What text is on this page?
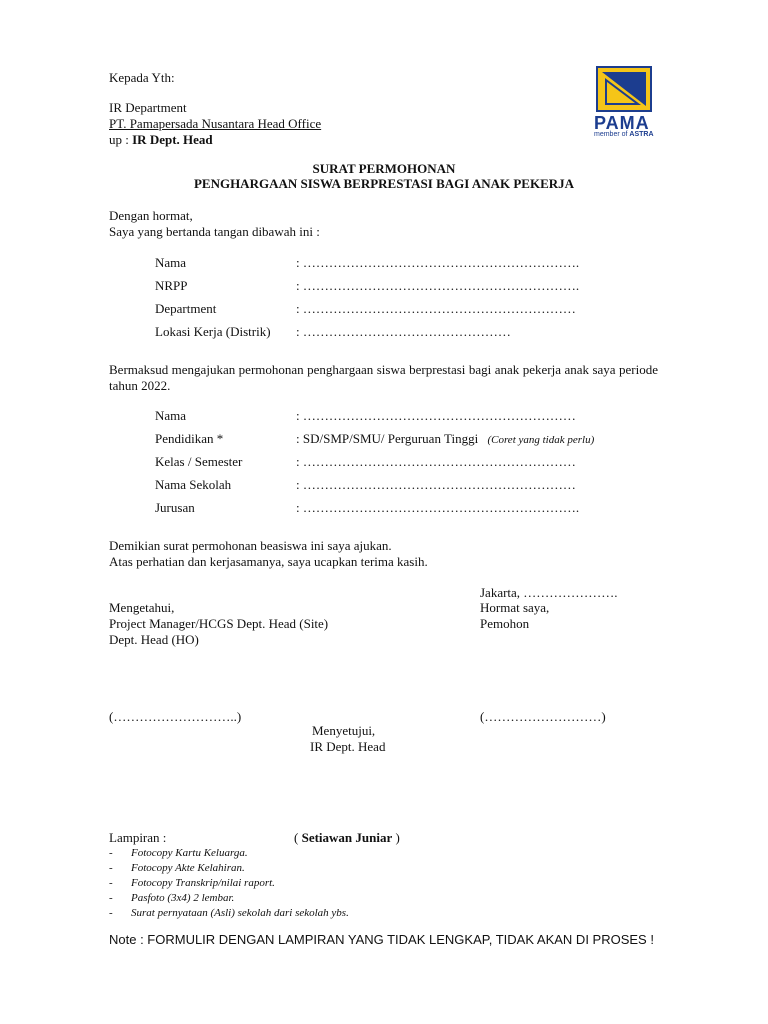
Kepada Yth:
IR Department
PT. Pamapersada Nusantara Head Office
up : IR Dept. Head
PAMA
member of ASTRA
SURAT PERMOHONAN
PENGHARGAAN SISWA BERPRESTASI BAGI ANAK PEKERJA
Dengan hormat,
Saya yang bertanda tangan dibawah ini :
Nama	: ……………………………………………………….
NRPP	: ……………………………………………………….
Department	: ………………………………………………………
Lokasi Kerja (Distrik) : …………………………………………
Bermaksud mengajukan permohonan penghargaan siswa berprestasi bagi anak pekerja anak saya periode tahun 2022.
Nama	: ………………………………………………………
Pendidikan *	: SD/SMP/SMU/ Perguruan Tinggi (Coret yang tidak perlu)
Kelas / Semester	: ………………………………………………………
Nama Sekolah	: ………………………………………………………
Jurusan	: ……………………………………………………….
Demikian surat permohonan beasiswa ini saya ajukan.
Atas perhatian dan kerjasamanya, saya ucapkan terima kasih.
Jakarta, ………………….
Mengetahui,
Project Manager/HCGS Dept. Head (Site)
Dept. Head (HO)
Hormat saya,
Pemohon
(………………………..)	(………………………)
Menyetujui,
IR Dept. Head
Lampiran :	( Setiawan Juniar )
- Fotocopy Kartu Keluarga.
- Fotocopy Akte Kelahiran.
- Fotocopy Transkrip/nilai raport.
- Pasfoto (3x4) 2 lembar.
- Surat pernyataan (Asli) sekolah dari sekolah ybs.
Note : FORMULIR DENGAN LAMPIRAN YANG TIDAK LENGKAP, TIDAK AKAN DI PROSES !
